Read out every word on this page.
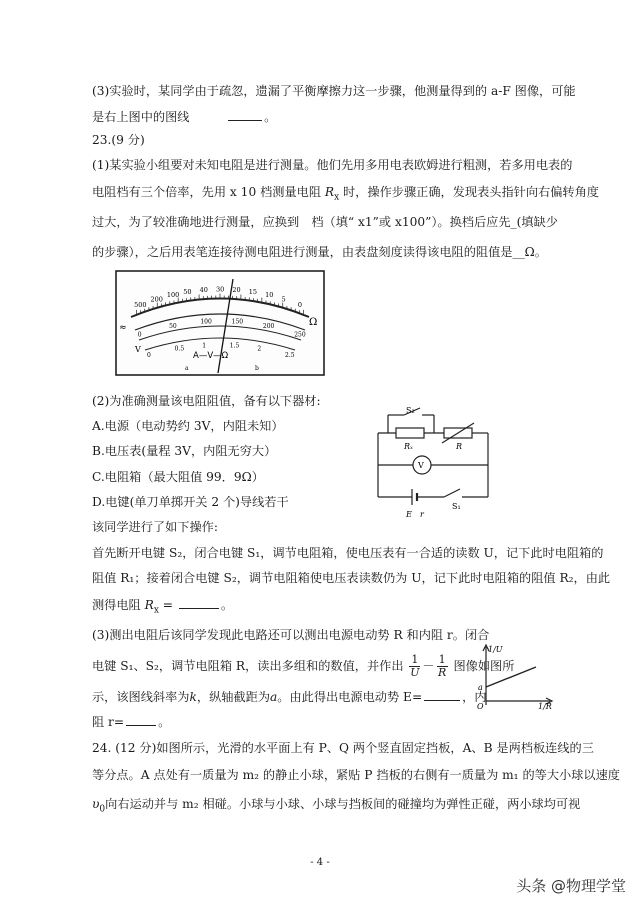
(3)实验时，某同学由于疏忽，遗漏了平衡摩擦力这一步骤，他测量得到的 a-F 图像，可能
是右上图中的图线　　　	。
23.(9 分)
(1)某实验小组要对未知电阻是进行测量。他们先用多用电表欧姆进行粗测，若多用电表的
电阻档有三个倍率，先用 x 10 档测量电阻 $R_x$ 时，操作步骤正确，发现表头指针向右偏转角度
过大，为了较准确地进行测量，应换到　档（填“ x1”或 x100”）。换档后应先_(填缺少
的步骤），之后用表笔连接待测电阻进行测量，由表盘刻度读得该电阻的阻值是__Ω。
500
200
100 50 40 30 20 15 10
5
0
0
50
100	150
200
250
0
0.5	1	1.5	2
2.5
Ω
≈
V
A—V—Ω
a	b
(2)为准确测量该电阻阻值，备有以下器材:
A.电源（电动势约 3V，内阻未知）
B.电压表(量程 3V，内阻无穷大）
C.电阻箱（最大阻值 99．9Ω）
D.电键(单刀单掷开关 2 个)导线若干
S₂
Rₓ	R
V
E r
S₁
该同学进行了如下操作:
首先断开电键 S₂，闭合电键 S₁，调节电阻箱，使电压表有一合适的读数 U，记下此时电阻箱的
阻值 R₁；接着闭合电键 S₂，调节电阻箱使电压表读数仍为 U，记下此时电阻箱的阻值 R₂，由此
测得电阻 $R_x$ =	。
(3)测出电阻后该同学发现此电路还可以测出电源电动势 R 和内阻 r。闭合
电键 S₁、S₂，调节电阻箱 R，读出多组和的数值，并作出 $\frac{1}{U} - \frac{1}{R}$ 图像如图所
示，该图线斜率为k，纵轴截距为a。由此得出电源电动势 E=	，内
阻 r=	。
1/U
1/R
O
a
24. (12 分)如图所示，光滑的水平面上有 P、Q 两个竖直固定挡板，A、B 是两档板连线的三
等分点。A 点处有一质量为 m₂ 的静止小球，紧贴 P 挡板的右侧有一质量为 m₁ 的等大小球以速度
$\upsilon_0$向右运动并与 m₂ 相碰。小球与小球、小球与挡板间的碰撞均为弹性正碰，两小球均可视
- 4 -
头条 @物理学堂
